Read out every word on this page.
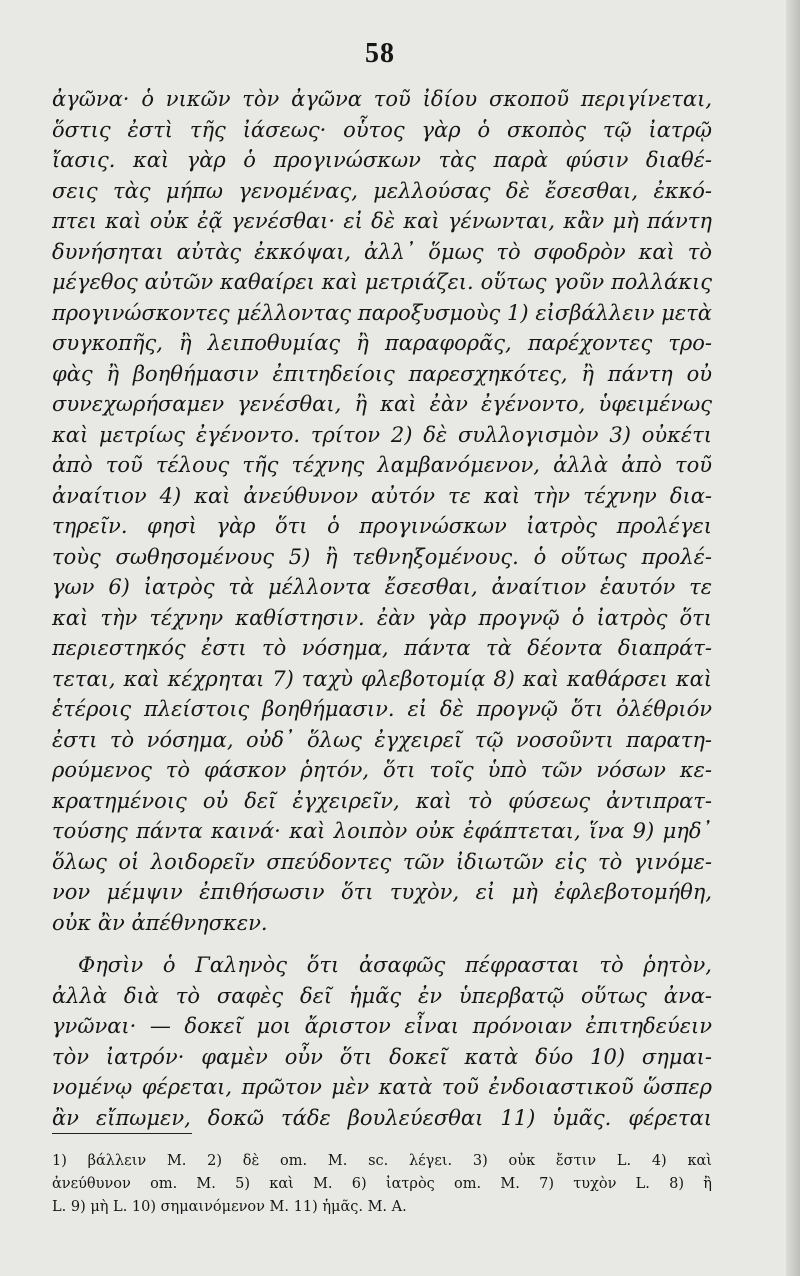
58
ἀγῶνα· ὁ νικῶν τὸν ἀγῶνα τοῦ ἰδίου σκοποῦ περιγίνεται,
ὅστις ἐστὶ τῆς ἰάσεως· οὗτος γὰρ ὁ σκοπὸς τῷ ἰατρῷ
ἴασις. καὶ γὰρ ὁ προγινώσκων τὰς παρὰ φύσιν διαθέ-
σεις τὰς μήπω γενομένας, μελλούσας δὲ ἔσεσθαι, ἐκκό-
πτει καὶ οὐκ ἐᾷ γενέσθαι· εἰ δὲ καὶ γένωνται, κἂν μὴ πάντη
δυνήσηται αὐτὰς ἐκκόψαι, ἀλλ᾽ ὅμως τὸ σφοδρὸν καὶ τὸ
μέγεθος αὐτῶν καθαίρει καὶ μετριάζει. οὕτως γοῦν πολλάκις
προγινώσκοντες μέλλοντας παροξυσμοὺς 1) εἰσβάλλειν μετὰ
συγκοπῆς, ἢ λειποθυμίας ἢ παραφορᾶς, παρέχοντες τρο-
φὰς ἢ βοηθήμασιν ἐπιτηδείοις παρεσχηκότες, ἢ πάντη οὐ
συνεχωρήσαμεν γενέσθαι, ἢ καὶ ἐὰν ἐγένοντο, ὑφειμένως
καὶ μετρίως ἐγένοντο. τρίτον 2) δὲ συλλογισμὸν 3) οὐκέτι
ἀπὸ τοῦ τέλους τῆς τέχνης λαμβανόμενον, ἀλλὰ ἀπὸ τοῦ
ἀναίτιον 4) καὶ ἀνεύθυνον αὐτόν τε καὶ τὴν τέχνην δια-
τηρεῖν. φησὶ γὰρ ὅτι ὁ προγινώσκων ἰατρὸς προλέγει
τοὺς σωθησομένους 5) ἢ τεθνηξομένους. ὁ οὕτως προλέ-
γων 6) ἰατρὸς τὰ μέλλοντα ἔσεσθαι, ἀναίτιον ἑαυτόν τε
καὶ τὴν τέχνην καθίστησιν. ἐὰν γὰρ προγνῷ ὁ ἰατρὸς ὅτι
περιεστηκός ἐστι τὸ νόσημα, πάντα τὰ δέοντα διαπράτ-
τεται, καὶ κέχρηται 7) ταχὺ φλεβοτομίᾳ 8) καὶ καθάρσει καὶ
ἑτέροις πλείστοις βοηθήμασιν. εἰ δὲ προγνῷ ὅτι ὀλέθριόν
ἐστι τὸ νόσημα, οὐδ᾽ ὅλως ἐγχειρεῖ τῷ νοσοῦντι παρατη-
ρούμενος τὸ φάσκον ῥητόν, ὅτι τοῖς ὑπὸ τῶν νόσων κε-
κρατημένοις οὐ δεῖ ἐγχειρεῖν, καὶ τὸ φύσεως ἀντιπρατ-
τούσης πάντα καινά· καὶ λοιπὸν οὐκ ἐφάπτεται, ἵνα 9) μηδ᾽
ὅλως οἱ λοιδορεῖν σπεύδοντες τῶν ἰδιωτῶν εἰς τὸ γινόμε-
νον μέμψιν ἐπιθήσωσιν ὅτι τυχὸν, εἰ μὴ ἐφλεβοτομήθη,
οὐκ ἂν ἀπέθνησκεν.
Φησὶν ὁ Γαληνὸς ὅτι ἀσαφῶς πέφρασται τὸ ῥητὸν,
ἀλλὰ διὰ τὸ σαφὲς δεῖ ἡμᾶς ἐν ὑπερβατῷ οὕτως ἀνα-
γνῶναι· — δοκεῖ μοι ἄριστον εἶναι πρόνοιαν ἐπιτηδεύειν
τὸν ἰατρόν· φαμὲν οὖν ὅτι δοκεῖ κατὰ δύο 10) σημαι-
νομένῳ φέρεται, πρῶτον μὲν κατὰ τοῦ ἐνδοιαστικοῦ ὥσπερ
ἂν εἴπωμεν, δοκῶ τάδε βουλεύεσθαι 11) ὑμᾶς. φέρεται
1) βάλλειν M. 2) δὲ om. M. sc. λέγει. 3) οὐκ ἔστιν L. 4) καὶ
ἀνεύθυνον om. M. 5) καὶ M. 6) ἰατρὸς om. M. 7) τυχὸν L. 8) ἢ
L. 9) μὴ L. 10) σημαινόμενον M. 11) ἡμᾶς. M. A.
